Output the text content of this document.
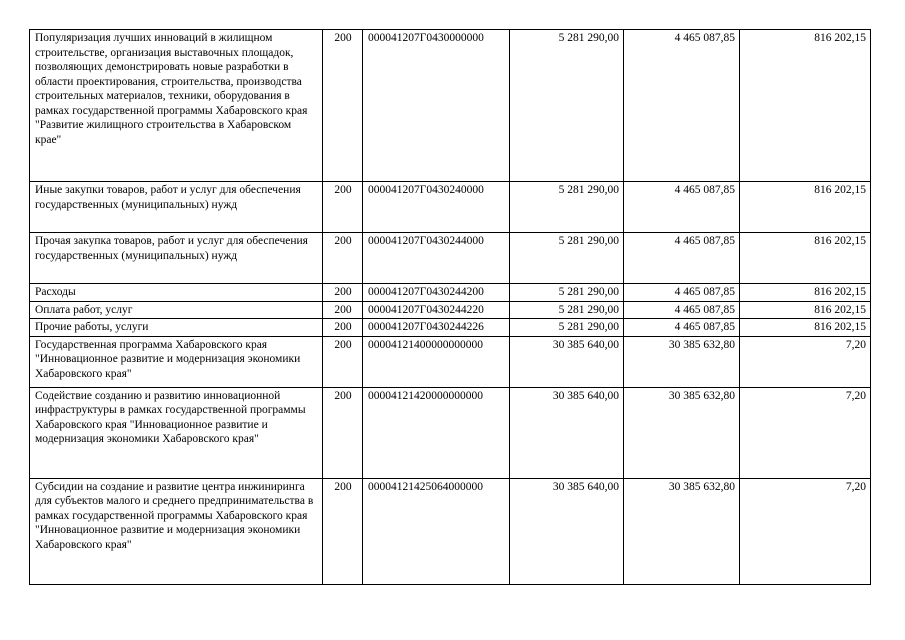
Популяризация лучших инноваций в жилищном строительстве, организация выставочных площадок, позволяющих демонстрировать новые разработки в области проектирования, строительства, производства строительных материалов, техники, оборудования в рамках государственной программы Хабаровского края "Развитие жилищного строительства в Хабаровском крае"	200	000041207Г0430000000	5 281 290,00	4 465 087,85	816 202,15
Иные закупки товаров, работ и услуг для обеспечения государственных (муниципальных) нужд	200	000041207Г0430240000	5 281 290,00	4 465 087,85	816 202,15
Прочая закупка товаров, работ и услуг для обеспечения государственных (муниципальных) нужд	200	000041207Г0430244000	5 281 290,00	4 465 087,85	816 202,15
Расходы	200	000041207Г0430244200	5 281 290,00	4 465 087,85	816 202,15
Оплата работ, услуг	200	000041207Г0430244220	5 281 290,00	4 465 087,85	816 202,15
Прочие работы, услуги	200	000041207Г0430244226	5 281 290,00	4 465 087,85	816 202,15
Государственная программа Хабаровского края "Инновационное развитие и модернизация экономики Хабаровского края"	200	00004121400000000000	30 385 640,00	30 385 632,80	7,20
Содействие созданию и развитию инновационной инфраструктуры в рамках государственной программы Хабаровского края "Инновационное развитие и модернизация экономики Хабаровского края"	200	00004121420000000000	30 385 640,00	30 385 632,80	7,20
Субсидии на создание и развитие центра инжиниринга для субъектов малого и среднего предпринимательства в рамках государственной программы Хабаровского края "Инновационное развитие и модернизация экономики Хабаровского края"	200	00004121425064000000	30 385 640,00	30 385 632,80	7,20
